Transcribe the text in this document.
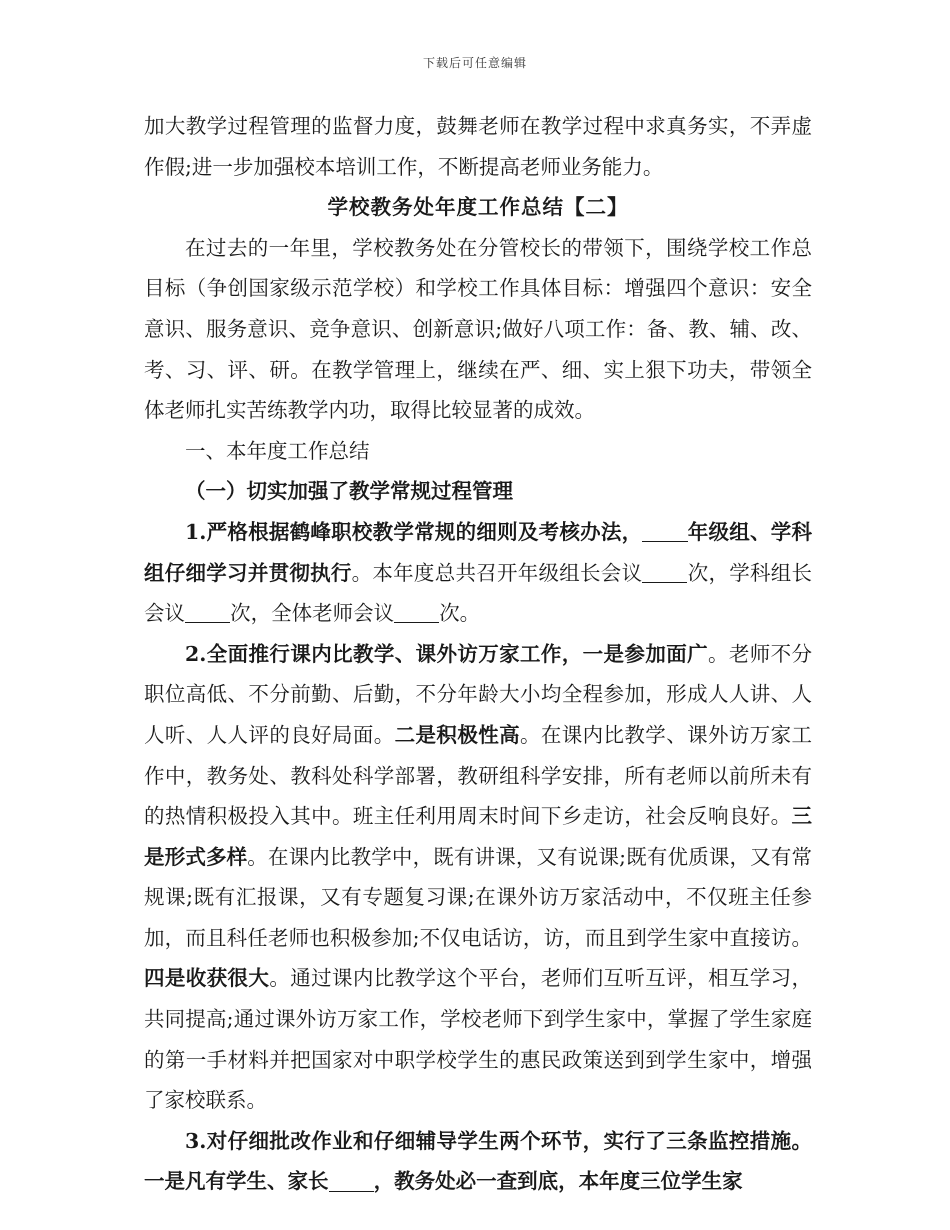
下载后可任意编辑

加大教学过程管理的监督力度，鼓舞老师在教学过程中求真务实，不弄虚作假;进一步加强校本培训工作，不断提高老师业务能力。

学校教务处年度工作总结【二】

在过去的一年里，学校教务处在分管校长的带领下，围绕学校工作总目标（争创国家级示范学校）和学校工作具体目标：增强四个意识：安全意识、服务意识、竞争意识、创新意识;做好八项工作：备、教、辅、改、考、习、评、研。在教学管理上，继续在严、细、实上狠下功夫，带领全体老师扎实苦练教学内功，取得比较显著的成效。

一、本年度工作总结

（一）切实加强了教学常规过程管理

1.严格根据鹤峰职校教学常规的细则及考核办法， 年级组、学科组仔细学习并贯彻执行。本年度总共召开年级组长会议 次，学科组长会议 次，全体老师会议 次。

2.全面推行课内比教学、课外访万家工作，一是参加面广。老师不分职位高低、不分前勤、后勤，不分年龄大小均全程参加，形成人人讲、人人听、人人评的良好局面。二是积极性高。在课内比教学、课外访万家工作中，教务处、教科处科学部署，教研组科学安排，所有老师以前所未有的热情积极投入其中。班主任利用周末时间下乡走访，社会反响良好。三是形式多样。在课内比教学中，既有讲课，又有说课;既有优质课，又有常规课;既有汇报课，又有专题复习课;在课外访万家活动中，不仅班主任参加，而且科任老师也积极参加;不仅电话访，访，而且到学生家中直接访。四是收获很大。通过课内比教学这个平台，老师们互听互评，相互学习，共同提高;通过课外访万家工作，学校老师下到学生家中，掌握了学生家庭的第一手材料并把国家对中职学校学生的惠民政策送到到学生家中，增强了家校联系。

3.对仔细批改作业和仔细辅导学生两个环节，实行了三条监控措施。一是凡有学生、家长 ，教务处必一查到底，本年度三位学生家
